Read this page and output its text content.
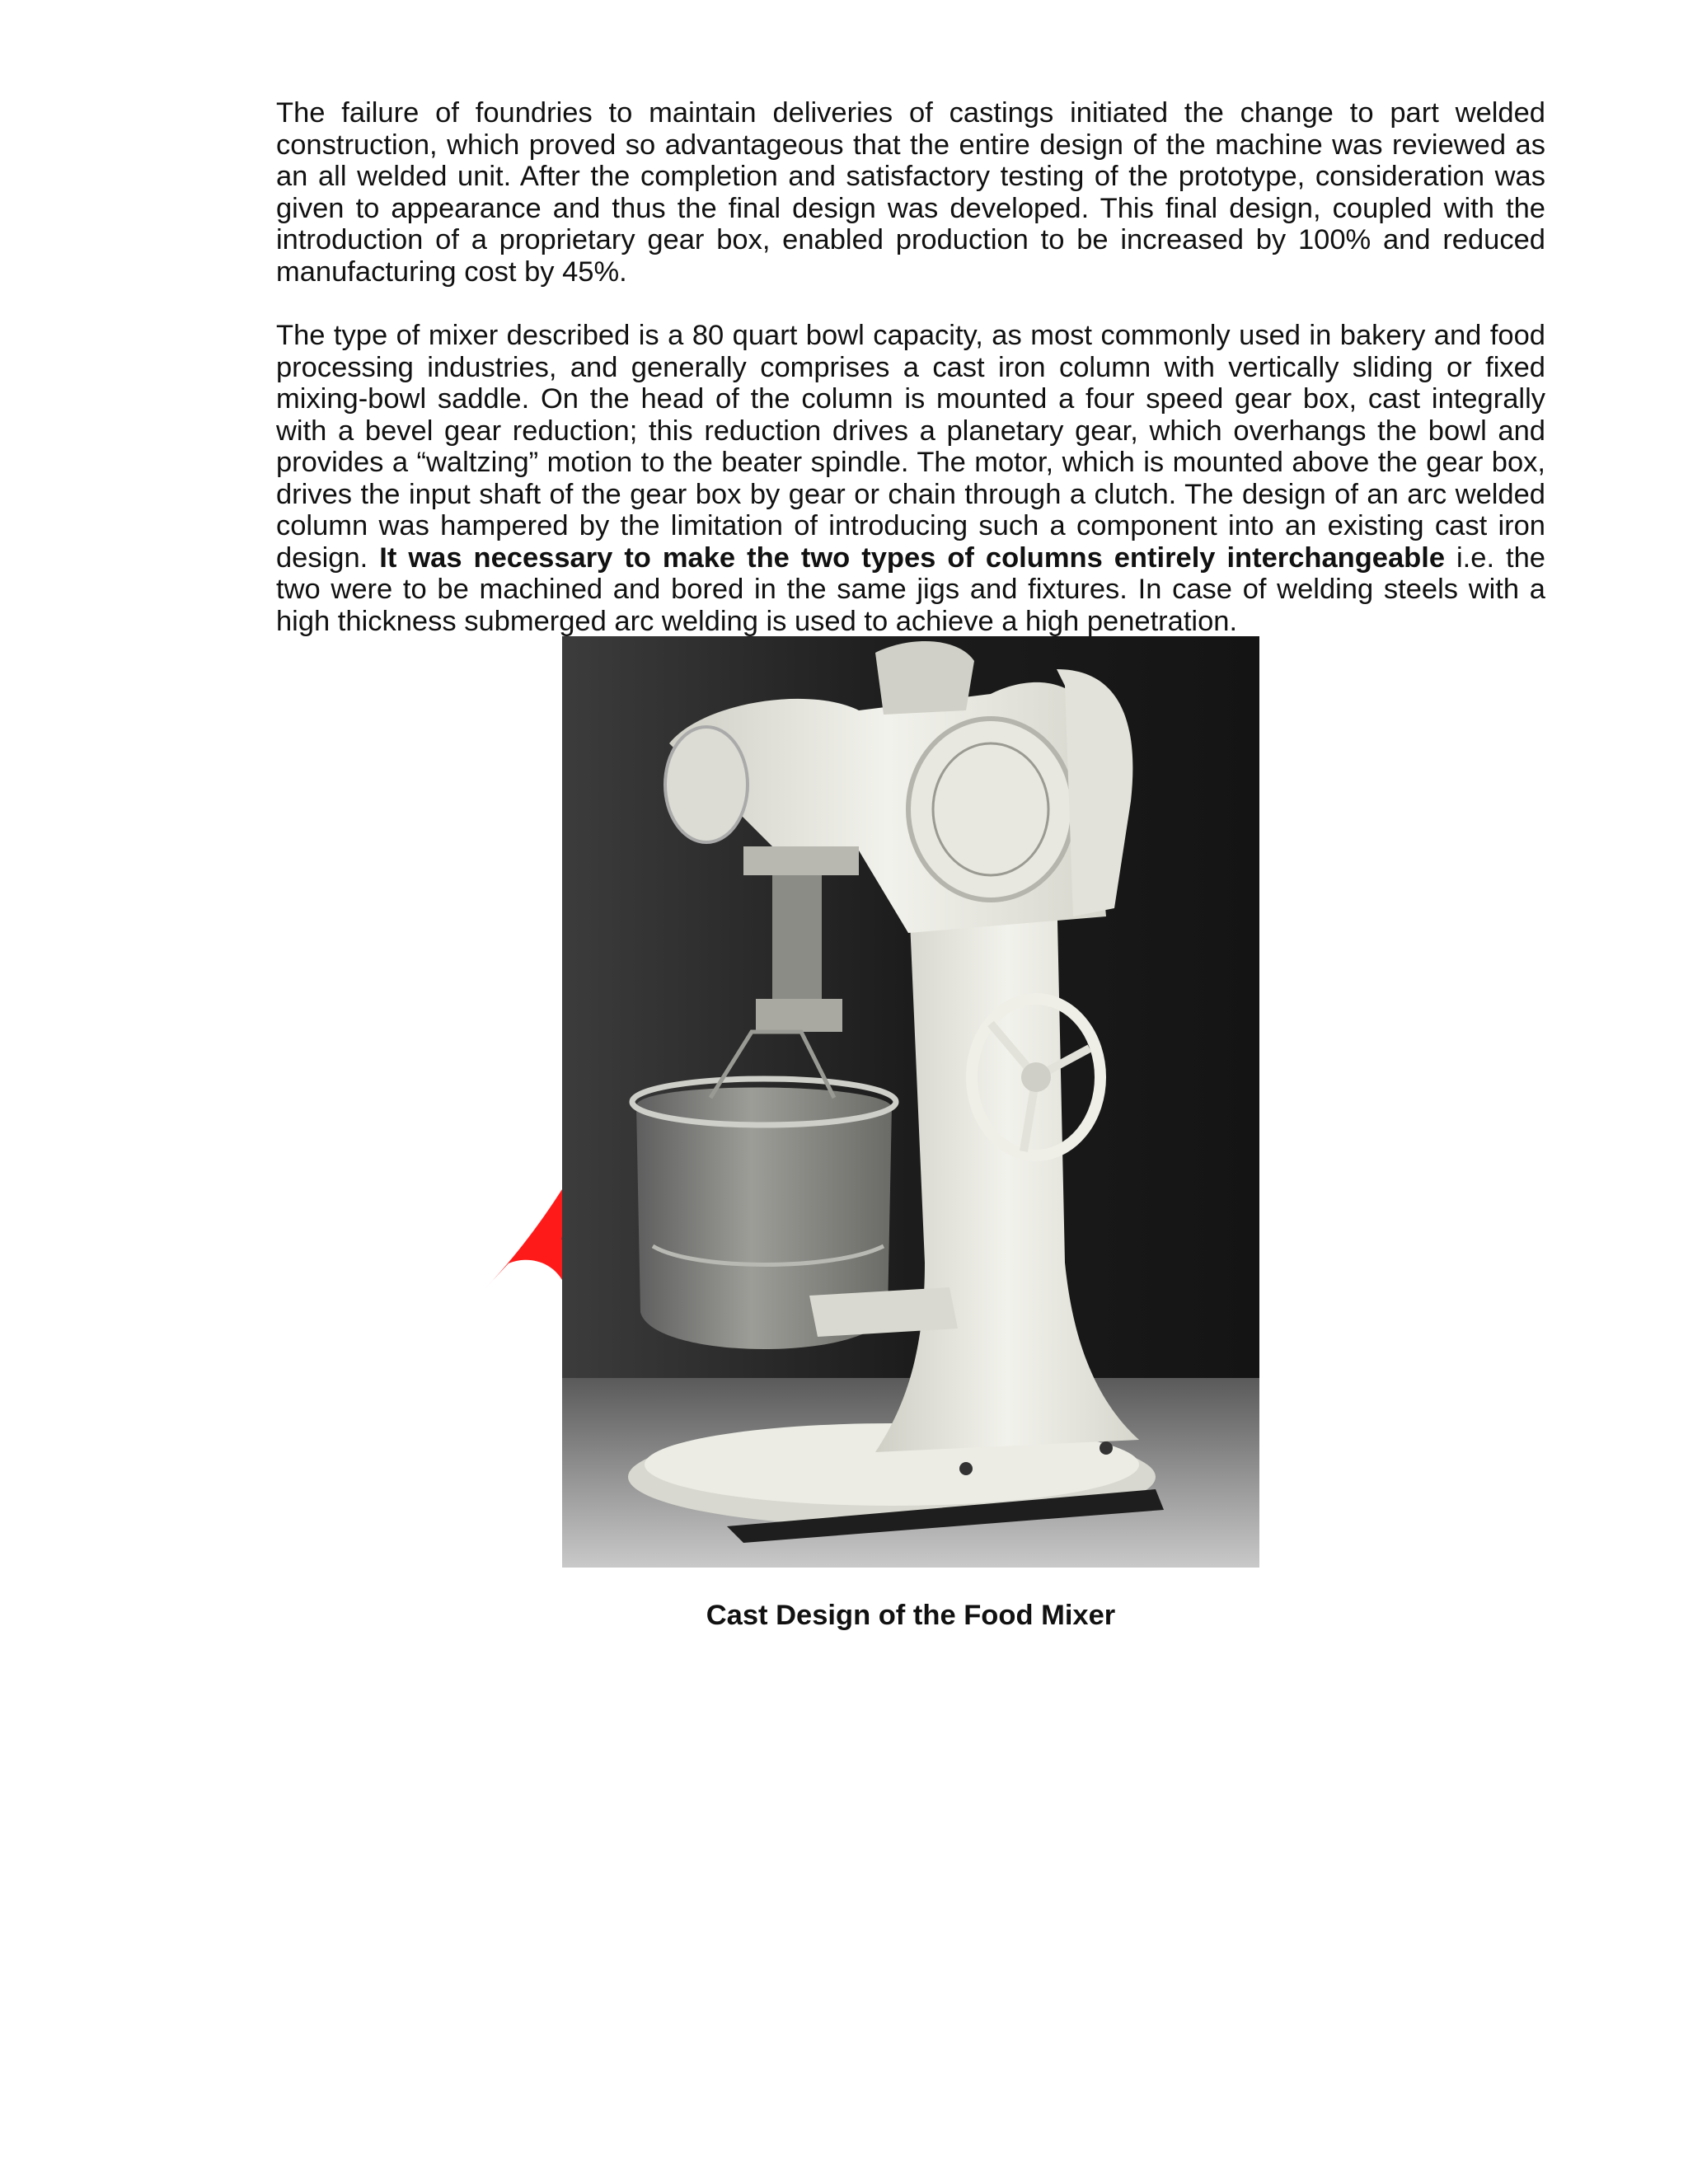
The failure of foundries to maintain deliveries of castings initiated the change to part welded construction, which proved so advantageous that the entire design of the machine was reviewed as an all welded unit. After the completion and satisfactory testing of the prototype, consideration was given to appearance and thus the final design was developed. This final design, coupled with the introduction of a proprietary gear box, enabled production to be increased by 100% and reduced manufacturing cost by 45%.

The type of mixer described is a 80 quart bowl capacity, as most commonly used in bakery and food processing industries, and generally comprises a cast iron column with vertically sliding or fixed mixing-bowl saddle. On the head of the column is mounted a four speed gear box, cast integrally with a bevel gear reduction; this reduction drives a planetary gear, which overhangs the bowl and provides a “waltzing” motion to the beater spindle. The motor, which is mounted above the gear box, drives the input shaft of the gear box by gear or chain through a clutch. The design of an arc welded column was hampered by the limitation of introducing such a component into an existing cast iron design. It was necessary to make the two types of columns entirely interchangeable i.e. the two were to be machined and bored in the same jigs and fixtures. In case of welding steels with a high thickness submerged arc welding is used to achieve a high penetration.

Cast Design of the Food Mixer
